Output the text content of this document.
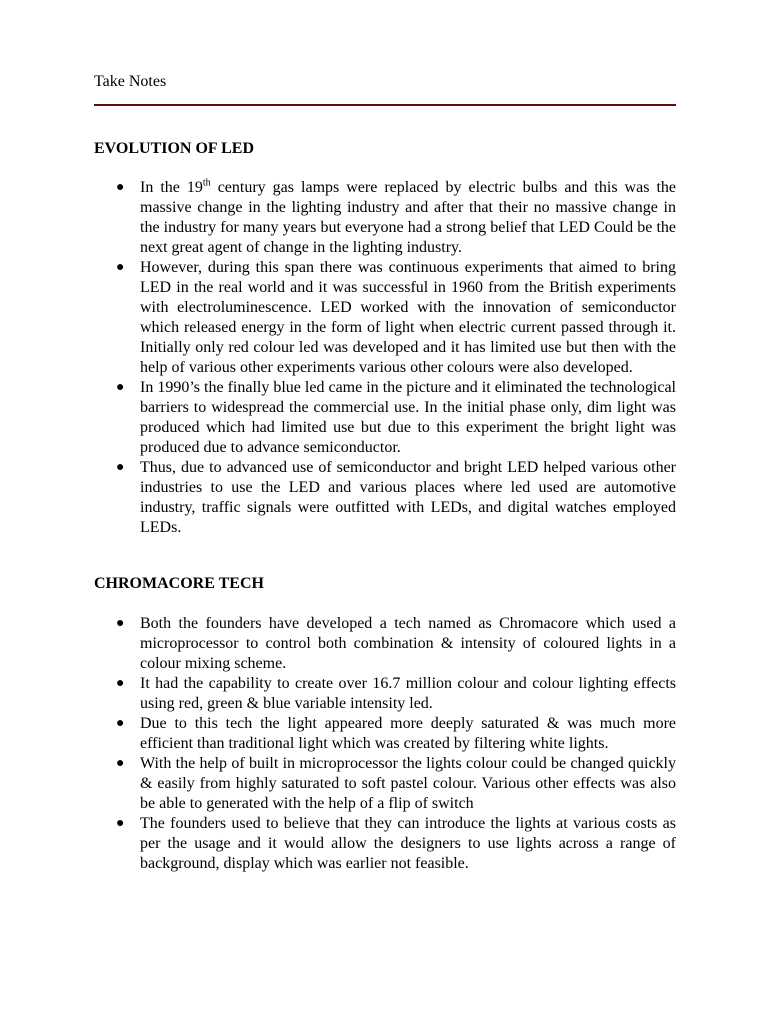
Take Notes
EVOLUTION OF LED
● In the 19th century gas lamps were replaced by electric bulbs and this was the massive change in the lighting industry and after that their no massive change in the industry for many years but everyone had a strong belief that LED Could be the next great agent of change in the lighting industry.
● However, during this span there was continuous experiments that aimed to bring LED in the real world and it was successful in 1960 from the British experiments with electroluminescence. LED worked with the innovation of semiconductor which released energy in the form of light when electric current passed through it. Initially only red colour led was developed and it has limited use but then with the help of various other experiments various other colours were also developed.
● In 1990’s the finally blue led came in the picture and it eliminated the technological barriers to widespread the commercial use. In the initial phase only, dim light was produced which had limited use but due to this experiment the bright light was produced due to advance semiconductor.
● Thus, due to advanced use of semiconductor and bright LED helped various other industries to use the LED and various places where led used are automotive industry, traffic signals were outfitted with LEDs, and digital watches employed LEDs.
CHROMACORE TECH
● Both the founders have developed a tech named as Chromacore which used a microprocessor to control both combination & intensity of coloured lights in a colour mixing scheme.
● It had the capability to create over 16.7 million colour and colour lighting effects using red, green & blue variable intensity led.
● Due to this tech the light appeared more deeply saturated & was much more efficient than traditional light which was created by filtering white lights.
● With the help of built in microprocessor the lights colour could be changed quickly & easily from highly saturated to soft pastel colour. Various other effects was also be able to generated with the help of a flip of switch
● The founders used to believe that they can introduce the lights at various costs as per the usage and it would allow the designers to use lights across a range of background, display which was earlier not feasible.
